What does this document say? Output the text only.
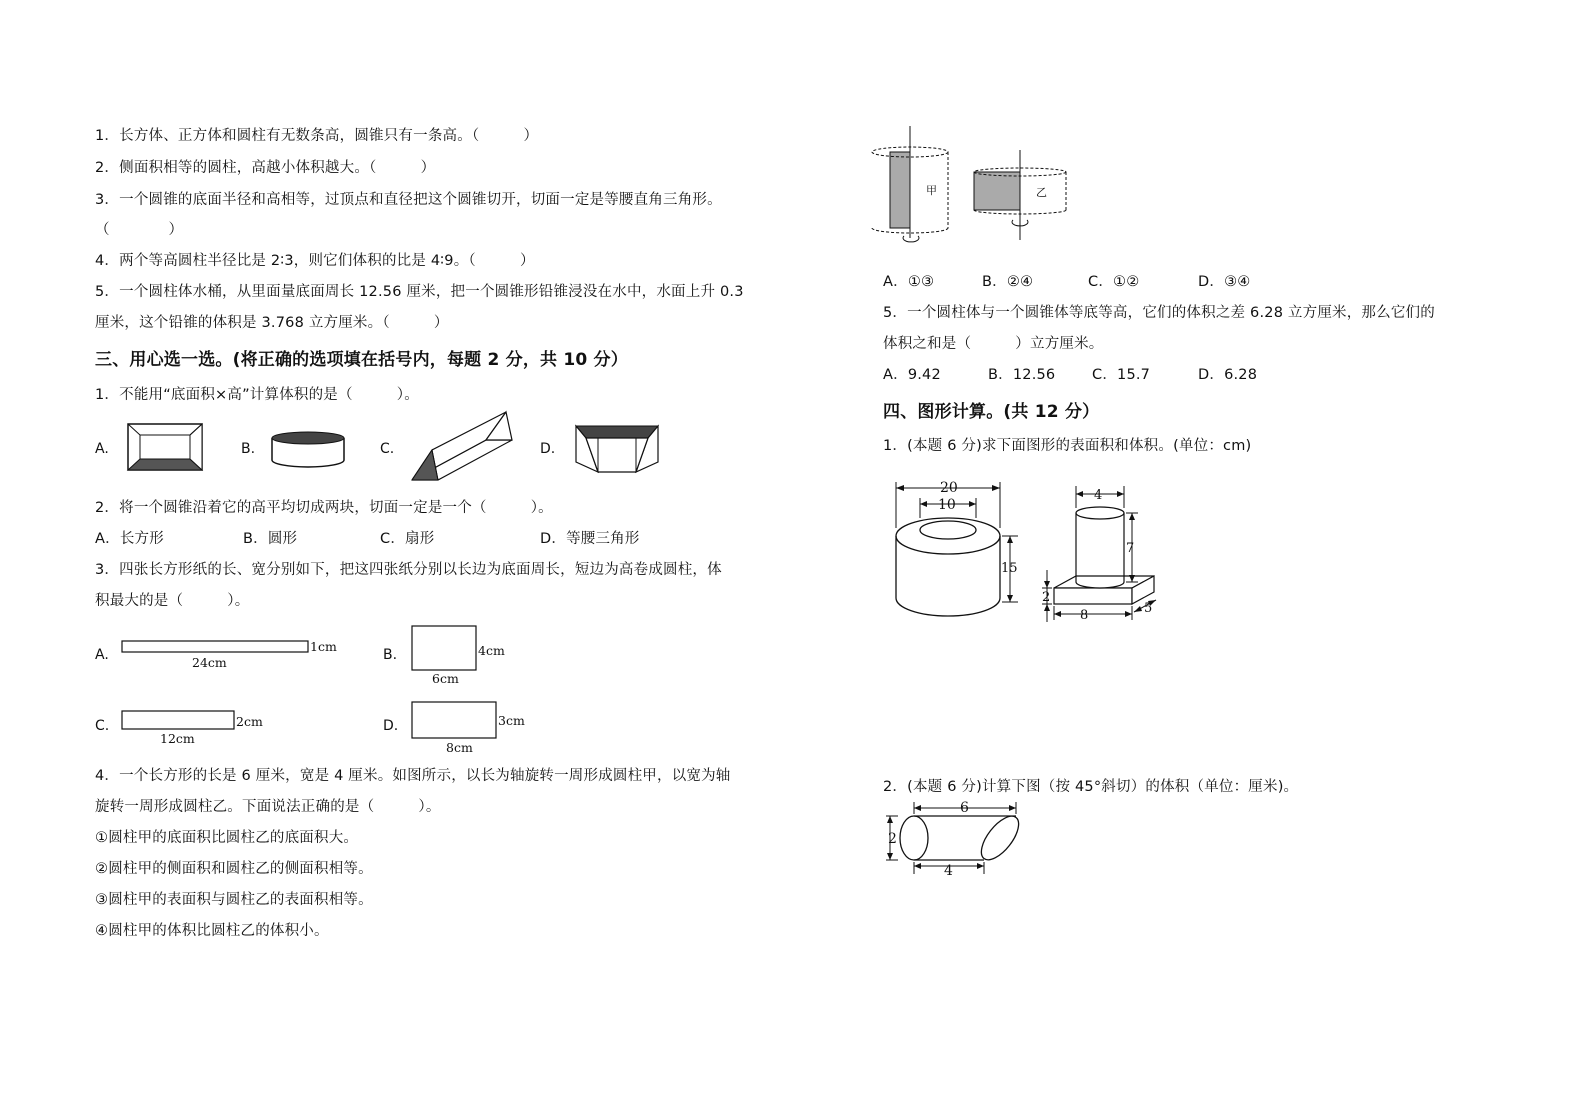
1．长方体、正方体和圆柱有无数条高，圆锥只有一条高。（　　　）
2．侧面积相等的圆柱，高越小体积越大。（　　　）
3．一个圆锥的底面半径和高相等，过顶点和直径把这个圆锥切开，切面一定是等腰直角三角形。
（　　　　）
4．两个等高圆柱半径比是 2∶3，则它们体积的比是 4∶9。（　　　）
5．一个圆柱体水桶，从里面量底面周长 12.56 厘米，把一个圆锥形铅锥浸没在水中，水面上升 0.3
厘米，这个铅锥的体积是 3.768 立方厘米。（　　　）
三、用心选一选。(将正确的选项填在括号内，每题 2 分，共 10 分）
1．不能用“底面积×高”计算体积的是（　　　）。
A.	B.	C.	D.
2．将一个圆锥沿着它的高平均切成两块，切面一定是一个（　　　）。
A．长方形	B．圆形	C．扇形	D．等腰三角形
3．四张长方形纸的长、宽分别如下，把这四张纸分别以长边为底面周长，短边为高卷成圆柱，体
积最大的是（　　　）。
A.
1cm
24cm	B.	4cm
6cm
C.	2cm
12cm
D.	3cm
8cm
4．一个长方形的长是 6 厘米，宽是 4 厘米。如图所示，以长为轴旋转一周形成圆柱甲，以宽为轴
旋转一周形成圆柱乙。下面说法正确的是（　　　）。
①圆柱甲的底面积比圆柱乙的底面积大。
②圆柱甲的侧面积和圆柱乙的侧面积相等。
③圆柱甲的表面积与圆柱乙的表面积相等。
④圆柱甲的体积比圆柱乙的体积小。
甲	乙
A．①③	B．②④	C．①②	D．③④
5．一个圆柱体与一个圆锥体等底等高，它们的体积之差 6.28 立方厘米，那么它们的
体积之和是（　　　）立方厘米。
A．9.42	B．12.56	C．15.7	D．6.28
四、图形计算。(共 12 分）
1．(本题 6 分)求下面图形的表面积和体积。(单位：cm)
20
10
15
4
7
2
8	5
2．(本题 6 分)计算下图（按 45°斜切）的体积（单位：厘米)。
6
2
4
